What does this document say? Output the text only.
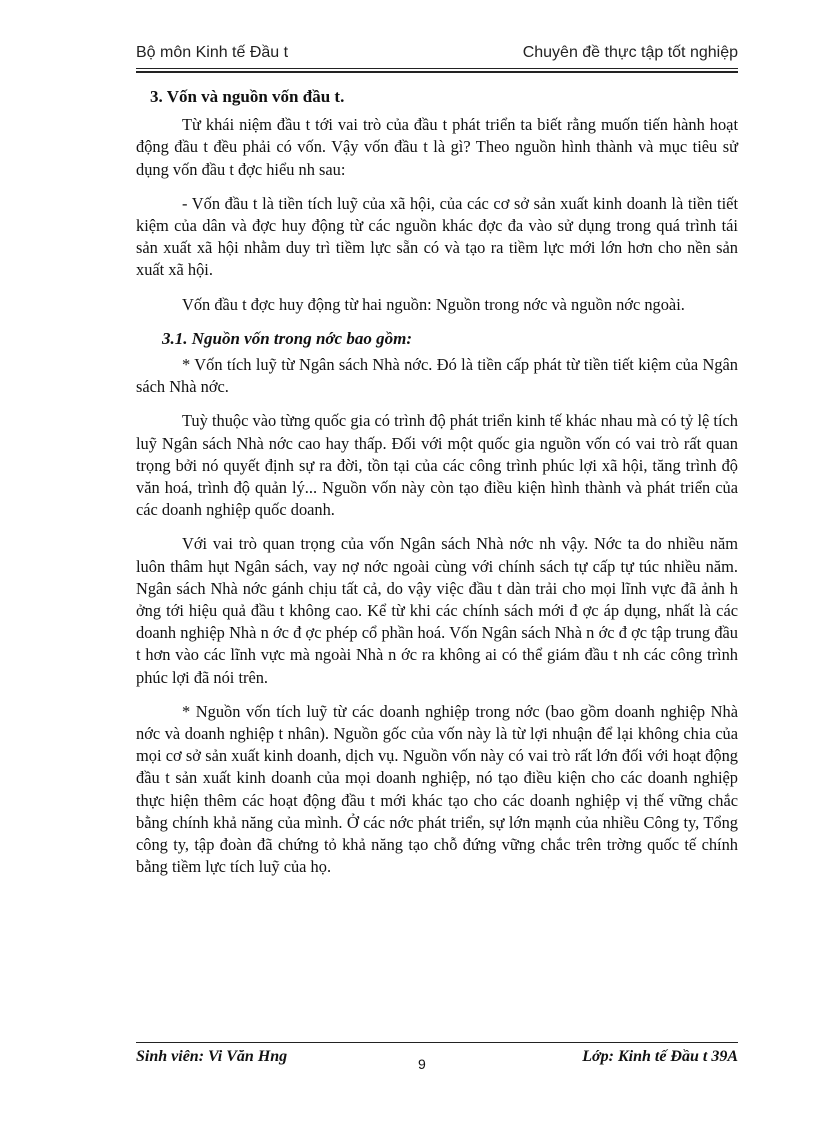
Bộ môn Kinh tế Đầu t	Chuyên đề thực tập tốt nghiệp

3. Vốn và nguồn vốn đầu t.

Từ khái niệm đầu t tới vai trò của đầu t phát triển ta biết rằng muốn tiến hành hoạt động đầu t đều phải có vốn. Vậy vốn đầu t là gì? Theo nguồn hình thành và mục tiêu sử dụng vốn đầu t đợc hiểu nh sau:

- Vốn đầu t là tiền tích luỹ của xã hội, của các cơ sở sản xuất kinh doanh là tiền tiết kiệm của dân và đợc huy động từ các nguồn khác đợc đa vào sử dụng trong quá trình tái sản xuất xã hội nhằm duy trì tiềm lực sẵn có và tạo ra tiềm lực mới lớn hơn cho nền sản xuất xã hội.

Vốn đầu t đợc huy động từ hai nguồn: Nguồn trong nớc và nguồn nớc ngoài.

3.1. Nguồn vốn trong nớc bao gồm:

* Vốn tích luỹ từ Ngân sách Nhà nớc. Đó là tiền cấp phát từ tiền tiết kiệm của Ngân sách Nhà nớc.

Tuỳ thuộc vào từng quốc gia có trình độ phát triển kinh tế khác nhau mà có tỷ lệ tích luỹ Ngân sách Nhà nớc cao hay thấp. Đối với một quốc gia nguồn vốn có vai trò rất quan trọng bởi nó quyết định sự ra đời, tồn tại của các công trình phúc lợi xã hội, tăng trình độ văn hoá, trình độ quản lý... Nguồn vốn này còn tạo điều kiện hình thành và phát triển của các doanh nghiệp quốc doanh.

Với vai trò quan trọng của vốn Ngân sách Nhà nớc nh vậy. Nớc ta do nhiều năm luôn thâm hụt Ngân sách, vay nợ nớc ngoài cùng với chính sách tự cấp tự túc nhiều năm. Ngân sách Nhà nớc gánh chịu tất cả, do vậy việc đầu t dàn trải cho mọi lĩnh vực đã ảnh h ởng tới hiệu quả đầu t không cao. Kể từ khi các chính sách mới đ ợc áp dụng, nhất là các doanh nghiệp Nhà n ớc đ ợc phép cổ phần hoá. Vốn Ngân sách Nhà n ớc đ ợc tập trung đầu t hơn vào các lĩnh vực mà ngoài Nhà n ớc ra không ai có thể giám đầu t nh các công trình phúc lợi đã nói trên.

* Nguồn vốn tích luỹ từ các doanh nghiệp trong nớc (bao gồm doanh nghiệp Nhà nớc và doanh nghiệp t nhân). Nguồn gốc của vốn này là từ lợi nhuận để lại không chia của mọi cơ sở sản xuất kinh doanh, dịch vụ. Nguồn vốn này có vai trò rất lớn đối với hoạt động đầu t sản xuất kinh doanh của mọi doanh nghiệp, nó tạo điều kiện cho các doanh nghiệp thực hiện thêm các hoạt động đầu t mới khác tạo cho các doanh nghiệp vị thế vững chắc bằng chính khả năng của mình. Ở các nớc phát triển, sự lớn mạnh của nhiều Công ty, Tổng công ty, tập đoàn đã chứng tỏ khả năng tạo chỗ đứng vững chắc trên trờng quốc tế chính bằng tiềm lực tích luỹ của họ.

Sinh viên: Vi Văn Hng	9	Lớp: Kinh tế Đầu t 39A
